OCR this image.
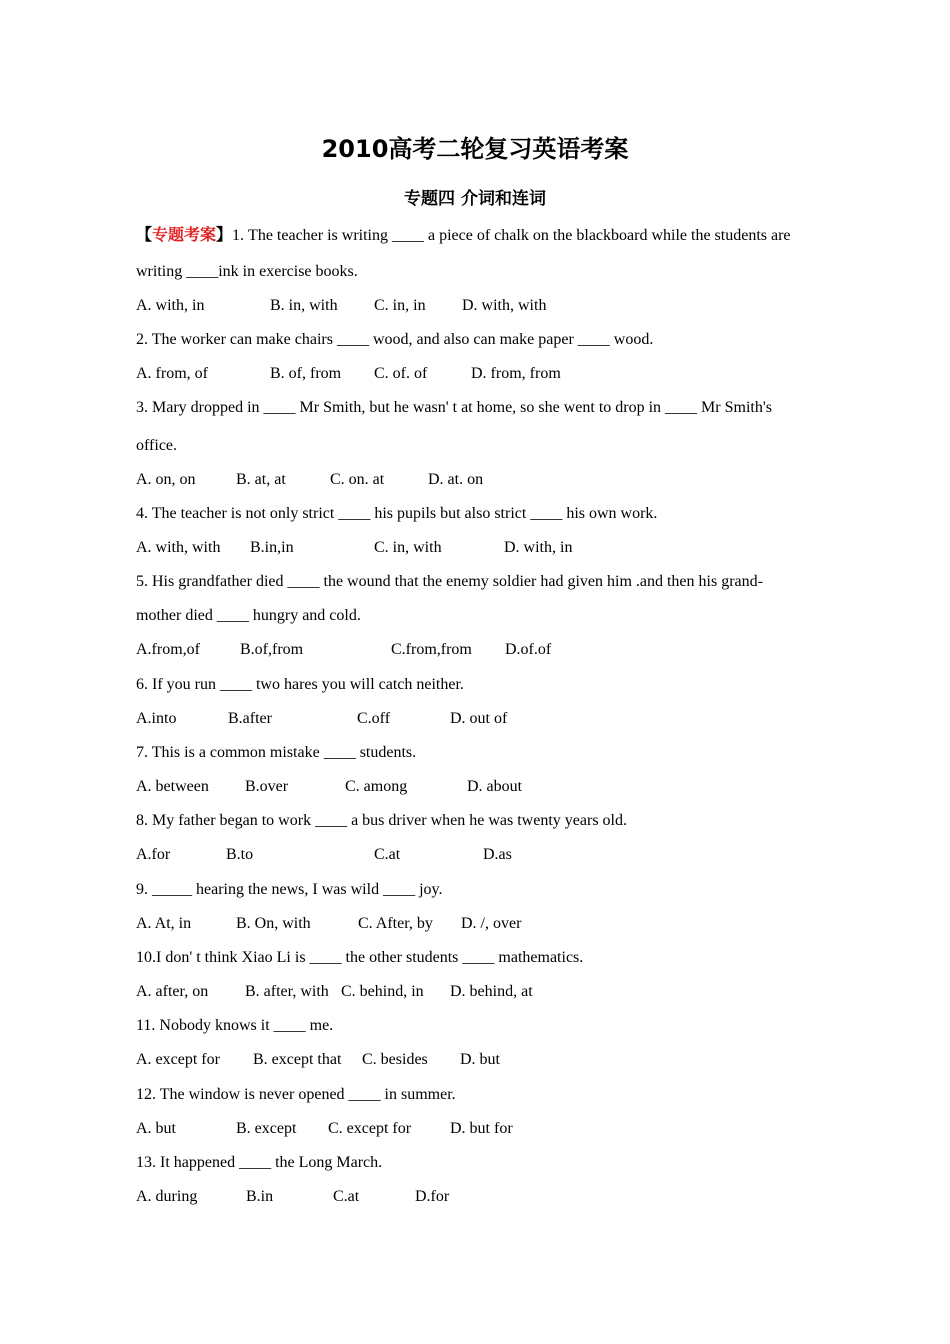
2010高考二轮复习英语考案
专题四 介词和连词
【专题考案】1. The teacher is writing ____ a piece of chalk on the blackboard while the students are
writing ____ink in exercise books.
A. with, in	B. in, with C. in, in D. with, with
2. The worker can make chairs ____ wood, and also can make paper ____ wood.
A. from, of	B. of, from C. of. of	D. from, from
3. Mary dropped in ____ Mr Smith, but he wasn' t at home, so she went to drop in ____ Mr Smith's
office.
A. on, on	B. at, at	C. on. at	D. at. on
4. The teacher is not only strict ____ his pupils but also strict ____ his own work.
A. with, with B.in,in	C. in, with	D. with, in
5. His grandfather died ____ the wound that the enemy soldier had given him .and then his grand-
mother died ____ hungry and cold.
A.from,of	B.of,from	C.from,from D.of.of
6. If you run ____ two hares you will catch neither.
A.into	B.after	C.off	D. out of
7. This is a common mistake ____ students.
A. between B.over	C. among	D. about
8. My father began to work ____ a bus driver when he was twenty years old.
A.for	B.to	C.at	D.as
9. _____ hearing the news, I was wild ____ joy.
A. At, in	B. On, with	C. After, by D. /, over
10.I don' t think Xiao Li is ____ the other students ____ mathematics.
A. after, on B. after, with C. behind, in D. behind, at
11. Nobody knows it ____ me.
A. except for B. except that C. besides D. but
12. The window is never opened ____ in summer.
A. but	B. except C. except for D. but for
13. It happened ____ the Long March.
A. during	B.in	C.at	D.for
